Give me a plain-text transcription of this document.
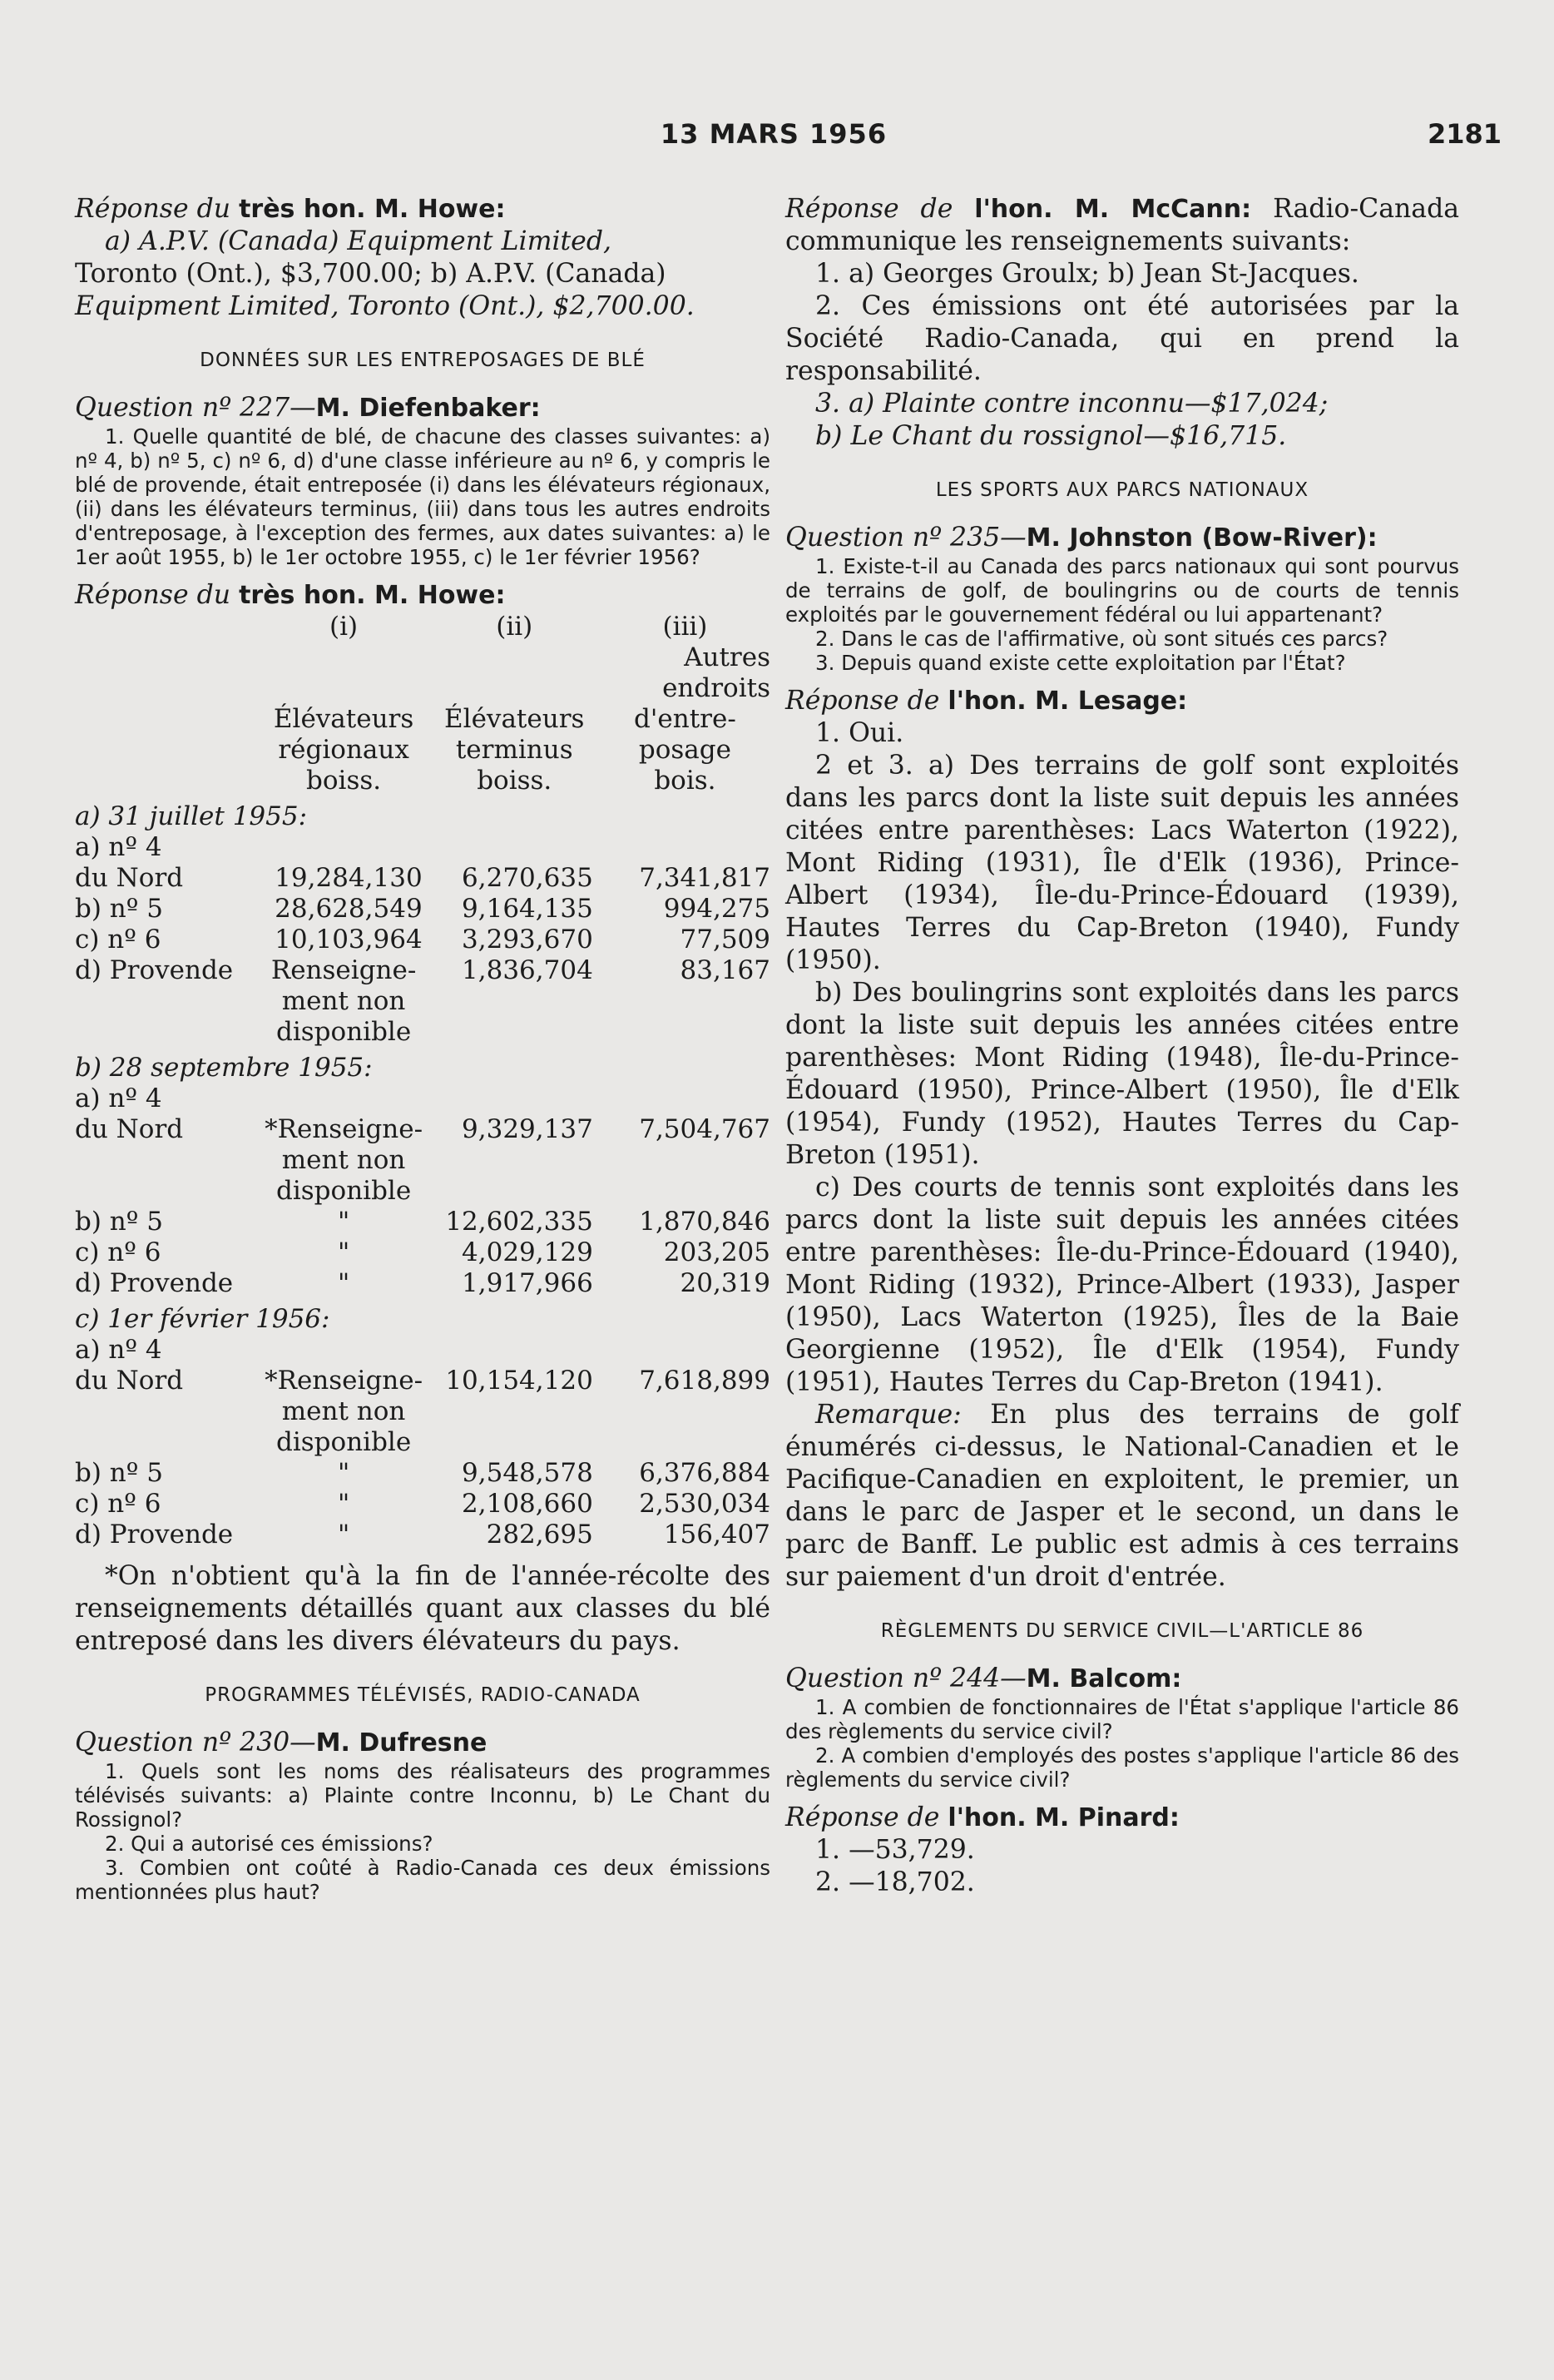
13 MARS 1956	2181

Réponse du très hon. M. Howe:

a) A.P.V. (Canada) Equipment Limited,

Toronto (Ont.), $3,700.00; b) A.P.V. (Canada)

Equipment Limited, Toronto (Ont.), $2,700.00.

DONNÉES SUR LES ENTREPOSAGES DE BLÉ

Question nº 227—M. Diefenbaker:

1. Quelle quantité de blé, de chacune des classes suivantes: a) nº 4, b) nº 5, c) nº 6, d) d'une classe inférieure au nº 6, y compris le blé de provende, était entreposée (i) dans les élévateurs régionaux, (ii) dans les élévateurs terminus, (iii) dans tous les autres endroits d'entreposage, à l'exception des fermes, aux dates suivantes: a) le 1er août 1955, b) le 1er octobre 1955, c) le 1er février 1956?

Réponse du très hon. M. Howe:

	(i)	(ii)	(iii)
			Autres
			endroits
	Élévateurs	Élévateurs	d'entre-
	régionaux	terminus	posage
	boiss.	boiss.	bois.
a) 31 juillet 1955:			
a) nº 4			
du Nord	19,284,130	6,270,635	7,341,817
b) nº 5	28,628,549	9,164,135	994,275
c) nº 6	10,103,964	3,293,670	77,509
d) Provende	Renseigne-	1,836,704	83,167
	ment non		
	disponible		
b) 28 septembre 1955:			
a) nº 4			
du Nord	*Renseigne-	9,329,137	7,504,767
	ment non		
	disponible		
b) nº 5	"	12,602,335	1,870,846
c) nº 6	"	4,029,129	203,205
d) Provende	"	1,917,966	20,319
c) 1er février 1956:			
a) nº 4			
du Nord	*Renseigne-	10,154,120	7,618,899
	ment non		
	disponible		
b) nº 5	"	9,548,578	6,376,884
c) nº 6	"	2,108,660	2,530,034
d) Provende	"	282,695	156,407

*On n'obtient qu'à la fin de l'année-récolte des renseignements détaillés quant aux classes du blé entreposé dans les divers élévateurs du pays.

PROGRAMMES TÉLÉVISÉS, RADIO-CANADA

Question nº 230—M. Dufresne

1. Quels sont les noms des réalisateurs des programmes télévisés suivants: a) Plainte contre Inconnu, b) Le Chant du Rossignol?

2. Qui a autorisé ces émissions?

3. Combien ont coûté à Radio-Canada ces deux émissions mentionnées plus haut?

Réponse de l'hon. M. McCann: Radio-Canada communique les renseignements suivants:

1. a) Georges Groulx; b) Jean St-Jacques.

2. Ces émissions ont été autorisées par la Société Radio-Canada, qui en prend la responsabilité.

3. a) Plainte contre inconnu—$17,024;

b) Le Chant du rossignol—$16,715.

LES SPORTS AUX PARCS NATIONAUX

Question nº 235—M. Johnston (Bow-River):

1. Existe-t-il au Canada des parcs nationaux qui sont pourvus de terrains de golf, de boulingrins ou de courts de tennis exploités par le gouvernement fédéral ou lui appartenant?

2. Dans le cas de l'affirmative, où sont situés ces parcs?

3. Depuis quand existe cette exploitation par l'État?

Réponse de l'hon. M. Lesage:

1. Oui.

2 et 3. a) Des terrains de golf sont exploités dans les parcs dont la liste suit depuis les années citées entre parenthèses: Lacs Waterton (1922), Mont Riding (1931), Île d'Elk (1936), Prince-Albert (1934), Île-du-Prince-Édouard (1939), Hautes Terres du Cap-Breton (1940), Fundy (1950).

b) Des boulingrins sont exploités dans les parcs dont la liste suit depuis les années citées entre parenthèses: Mont Riding (1948), Île-du-Prince-Édouard (1950), Prince-Albert (1950), Île d'Elk (1954), Fundy (1952), Hautes Terres du Cap-Breton (1951).

c) Des courts de tennis sont exploités dans les parcs dont la liste suit depuis les années citées entre parenthèses: Île-du-Prince-Édouard (1940), Mont Riding (1932), Prince-Albert (1933), Jasper (1950), Lacs Waterton (1925), Îles de la Baie Georgienne (1952), Île d'Elk (1954), Fundy (1951), Hautes Terres du Cap-Breton (1941).

Remarque: En plus des terrains de golf énumérés ci-dessus, le National-Canadien et le Pacifique-Canadien en exploitent, le premier, un dans le parc de Jasper et le second, un dans le parc de Banff. Le public est admis à ces terrains sur paiement d'un droit d'entrée.

RÈGLEMENTS DU SERVICE CIVIL—L'ARTICLE 86

Question nº 244—M. Balcom:

1. A combien de fonctionnaires de l'État s'applique l'article 86 des règlements du service civil?

2. A combien d'employés des postes s'applique l'article 86 des règlements du service civil?

Réponse de l'hon. M. Pinard:

1. —53,729.

2. —18,702.
